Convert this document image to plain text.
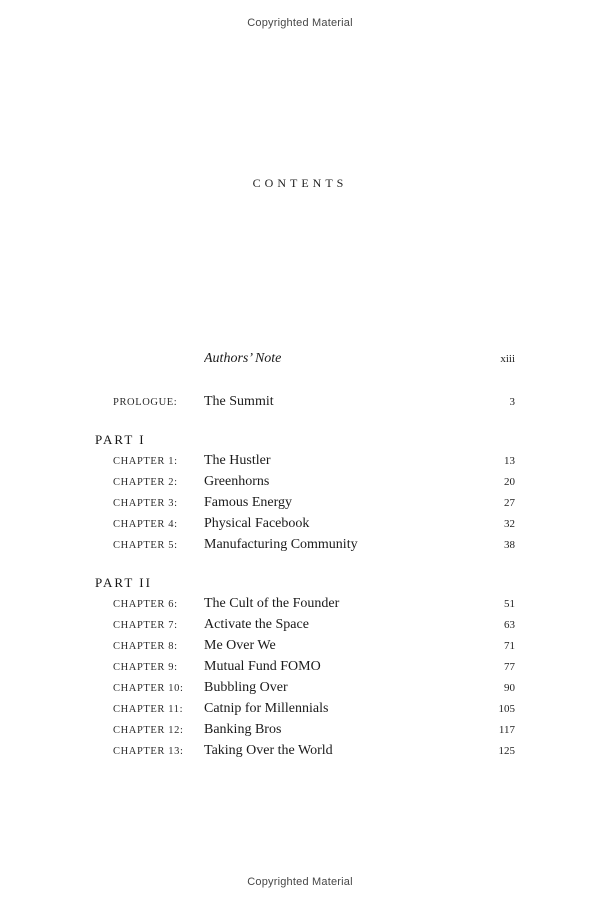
Copyrighted Material
CONTENTS
Authors’ Note	xiii
PROLOGUE:	The Summit	3
PART I
CHAPTER 1:	The Hustler	13
CHAPTER 2:	Greenhorns	20
CHAPTER 3:	Famous Energy	27
CHAPTER 4:	Physical Facebook	32
CHAPTER 5:	Manufacturing Community	38
PART II
CHAPTER 6:	The Cult of the Founder	51
CHAPTER 7:	Activate the Space	63
CHAPTER 8:	Me Over We	71
CHAPTER 9:	Mutual Fund FOMO	77
CHAPTER 10:	Bubbling Over	90
CHAPTER 11:	Catnip for Millennials	105
CHAPTER 12:	Banking Bros	117
CHAPTER 13:	Taking Over the World	125
Copyrighted Material
